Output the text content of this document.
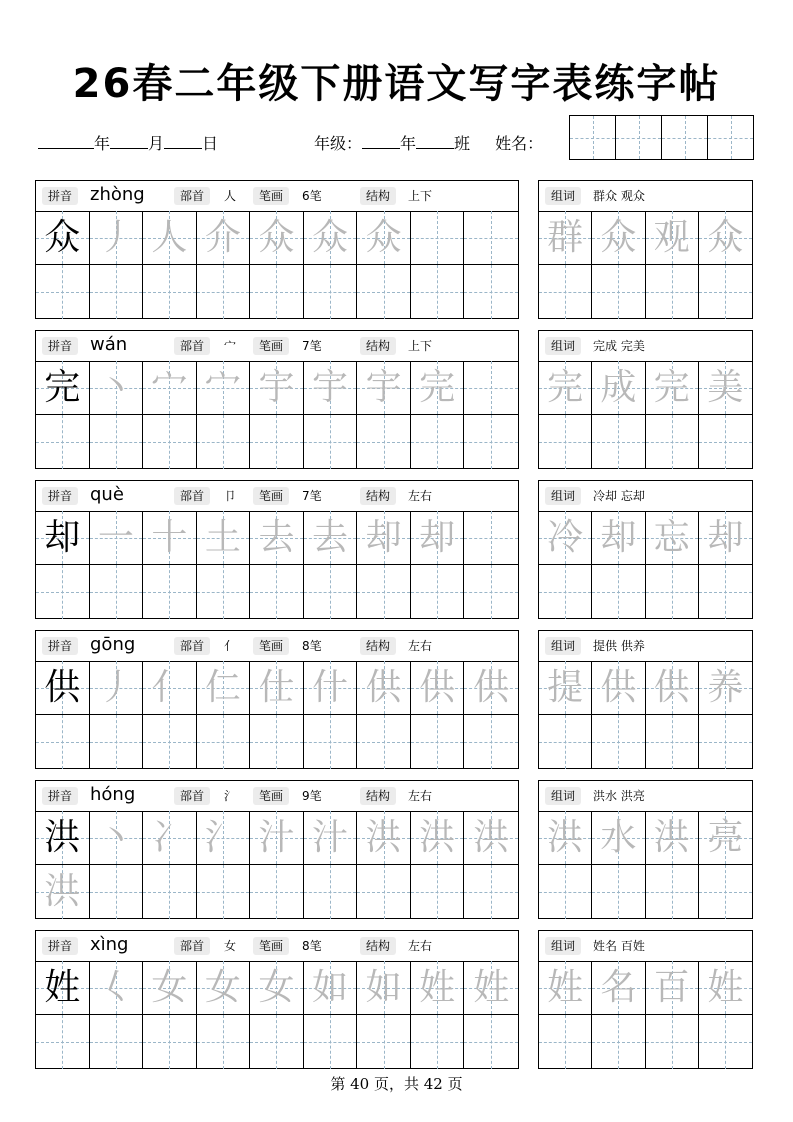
26春二年级下册语文写字表练字帖
年 月 日	年级： 年 班 姓名：
拼音 zhòng	部首	人	笔画	6笔	结构	上下
众 丿 人 介 众 众 众
组词	群众 观众
群 众 观 众
拼音 wán	部首	宀	笔画	7笔	结构	上下
完 丶 宀 宀 宇 宇 宇 完
组词	完成 完美
完 成 完 美
拼音 què	部首	卩	笔画	7笔	结构	左右
却 一 十 土 去 去 却 却
组词	冷却 忘却
冷 却 忘 却
拼音 gōng	部首	亻	笔画	8笔	结构	左右
供 丿 亻 仁 仕 什 供 供 供
组词	提供 供养
提 供 供 养
拼音 hóng	部首	氵	笔画	9笔	结构	左右
洪 丶 冫 氵 汁 汁 洪 洪 洪
洪
组词	洪水 洪亮
洪 水 洪 亮
拼音 xìng	部首	女	笔画	8笔	结构	左右
姓 𡿨 女 女 女 如 如 姓 姓
组词	姓名 百姓
姓 名 百 姓
第 40 页，共 42 页
